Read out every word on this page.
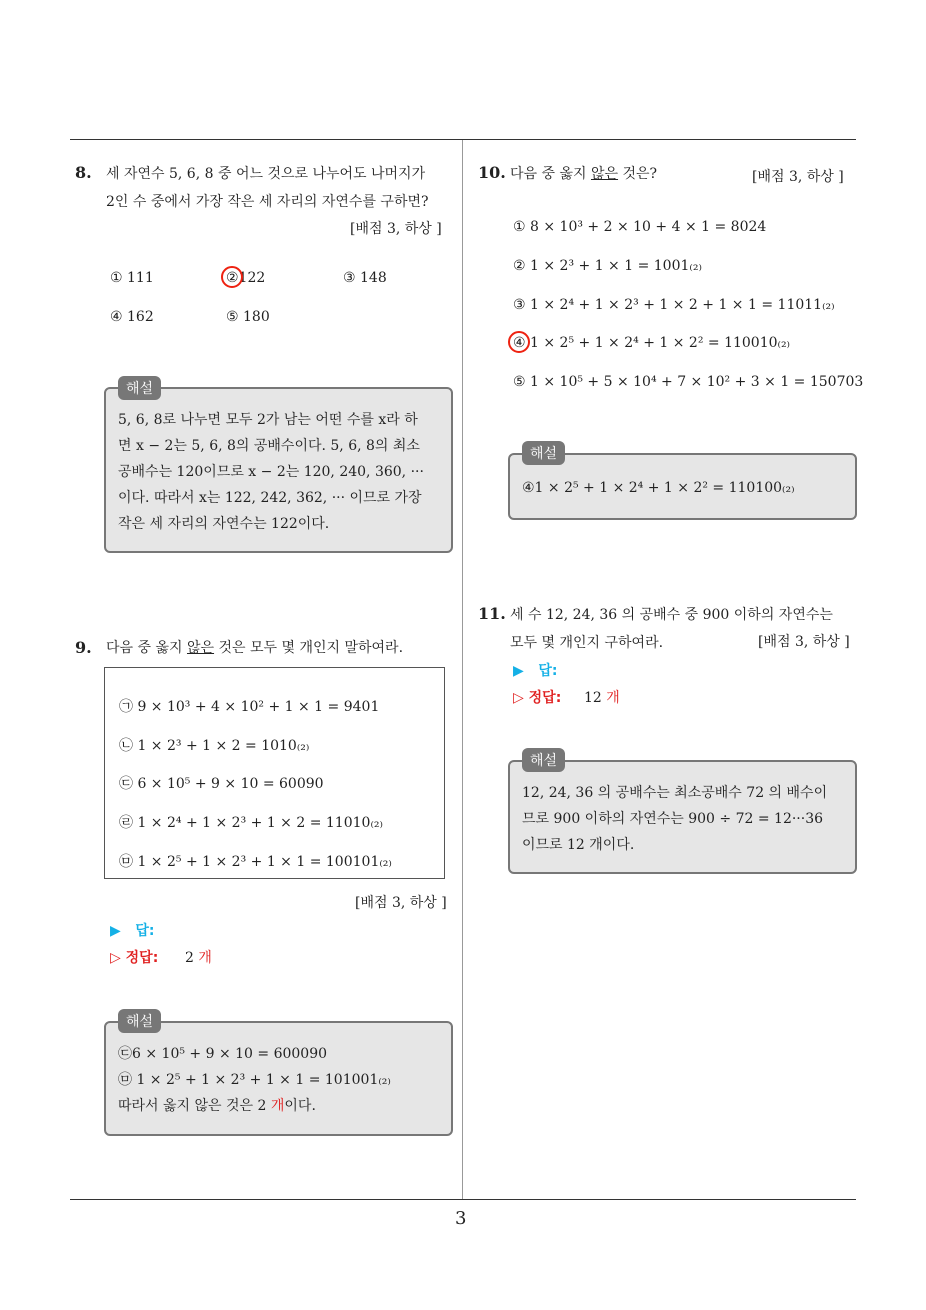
3
8. 세 자연수 5, 6, 8 중 어느 것으로 나누어도 나머지가
2인 수 중에서 가장 작은 세 자리의 자연수를 구하면?
[배점 3, 하상 ]
① 111	②122	③ 148
④ 162	⑤ 180
5, 6, 8로 나누면 모두 2가 남는 어떤 수를 x라 하
면 x − 2는 5, 6, 8의 공배수이다. 5, 6, 8의 최소
공배수는 120이므로 x − 2는 120, 240, 360, ···
이다. 따라서 x는 122, 242, 362, ··· 이므로 가장
작은 세 자리의 자연수는 122이다.
해설
9. 다음 중 옳지 않은 것은 모두 몇 개인지 말하여라.
㉠ 9 × 10³ + 4 × 10² + 1 × 1 = 9401
㉡ 1 × 2³ + 1 × 2 = 1010₍₂₎
㉢ 6 × 10⁵ + 9 × 10 = 60090
㉣ 1 × 2⁴ + 1 × 2³ + 1 × 2 = 11010₍₂₎
㉤ 1 × 2⁵ + 1 × 2³ + 1 × 1 = 100101₍₂₎
[배점 3, 하상 ]
▶ 답:
▷ 정답: 2 개
㉢6 × 10⁵ + 9 × 10 = 600090
㉤ 1 × 2⁵ + 1 × 2³ + 1 × 1 = 101001₍₂₎
따라서 옳지 않은 것은 2 개이다.
해설
10. 다음 중 옳지 않은 것은?	[배점 3, 하상 ]
① 8 × 10³ + 2 × 10 + 4 × 1 = 8024
② 1 × 2³ + 1 × 1 = 1001₍₂₎
③ 1 × 2⁴ + 1 × 2³ + 1 × 2 + 1 × 1 = 11011₍₂₎
④ 1 × 2⁵ + 1 × 2⁴ + 1 × 2² = 110010₍₂₎
⑤ 1 × 10⁵ + 5 × 10⁴ + 7 × 10² + 3 × 1 = 150703
④1 × 2⁵ + 1 × 2⁴ + 1 × 2² = 110100₍₂₎
해설
11. 세 수 12, 24, 36 의 공배수 중 900 이하의 자연수는
모두 몇 개인지 구하여라.	[배점 3, 하상 ]
▶ 답:
▷ 정답: 12 개
12, 24, 36 의 공배수는 최소공배수 72 의 배수이
므로 900 이하의 자연수는 900 ÷ 72 = 12···36
이므로 12 개이다.
해설
